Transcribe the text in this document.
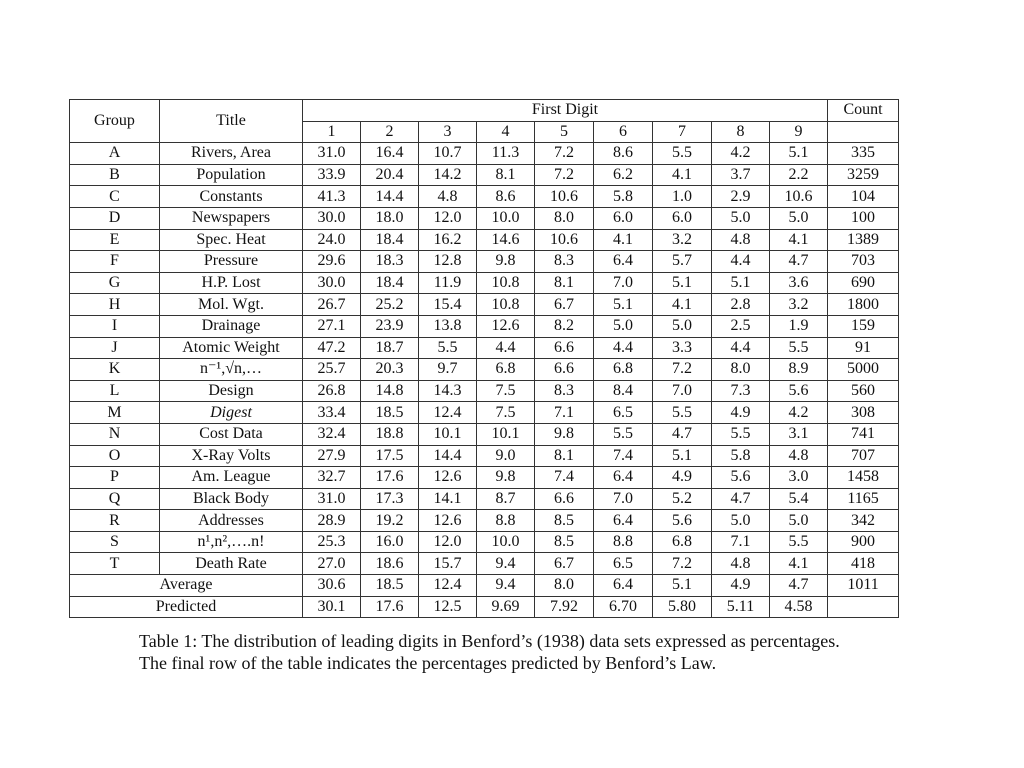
Group	Title	First Digit									Count
		1	2	3	4	5	6	7	8	9	
A	Rivers, Area	31.0	16.4	10.7	11.3	7.2	8.6	5.5	4.2	5.1	335
B	Population	33.9	20.4	14.2	8.1	7.2	6.2	4.1	3.7	2.2	3259
C	Constants	41.3	14.4	4.8	8.6	10.6	5.8	1.0	2.9	10.6	104
D	Newspapers	30.0	18.0	12.0	10.0	8.0	6.0	6.0	5.0	5.0	100
E	Spec. Heat	24.0	18.4	16.2	14.6	10.6	4.1	3.2	4.8	4.1	1389
F	Pressure	29.6	18.3	12.8	9.8	8.3	6.4	5.7	4.4	4.7	703
G	H.P. Lost	30.0	18.4	11.9	10.8	8.1	7.0	5.1	5.1	3.6	690
H	Mol. Wgt.	26.7	25.2	15.4	10.8	6.7	5.1	4.1	2.8	3.2	1800
I	Drainage	27.1	23.9	13.8	12.6	8.2	5.0	5.0	2.5	1.9	159
J	Atomic Weight	47.2	18.7	5.5	4.4	6.6	4.4	3.3	4.4	5.5	91
K	n⁻¹,√n,…	25.7	20.3	9.7	6.8	6.6	6.8	7.2	8.0	8.9	5000
L	Design	26.8	14.8	14.3	7.5	8.3	8.4	7.0	7.3	5.6	560
M	Digest	33.4	18.5	12.4	7.5	7.1	6.5	5.5	4.9	4.2	308
N	Cost Data	32.4	18.8	10.1	10.1	9.8	5.5	4.7	5.5	3.1	741
O	X-Ray Volts	27.9	17.5	14.4	9.0	8.1	7.4	5.1	5.8	4.8	707
P	Am. League	32.7	17.6	12.6	9.8	7.4	6.4	4.9	5.6	3.0	1458
Q	Black Body	31.0	17.3	14.1	8.7	6.6	7.0	5.2	4.7	5.4	1165
R	Addresses	28.9	19.2	12.6	8.8	8.5	6.4	5.6	5.0	5.0	342
S	n¹,n²,….n!	25.3	16.0	12.0	10.0	8.5	8.8	6.8	7.1	5.5	900
T	Death Rate	27.0	18.6	15.7	9.4	6.7	6.5	7.2	4.8	4.1	418
Average		30.6	18.5	12.4	9.4	8.0	6.4	5.1	4.9	4.7	1011
Predicted		30.1	17.6	12.5	9.69	7.92	6.70	5.80	5.11	4.58	
Table 1: The distribution of leading digits in Benford’s (1938) data sets expressed as percentages. The final row of the table indicates the percentages predicted by Benford’s Law.
